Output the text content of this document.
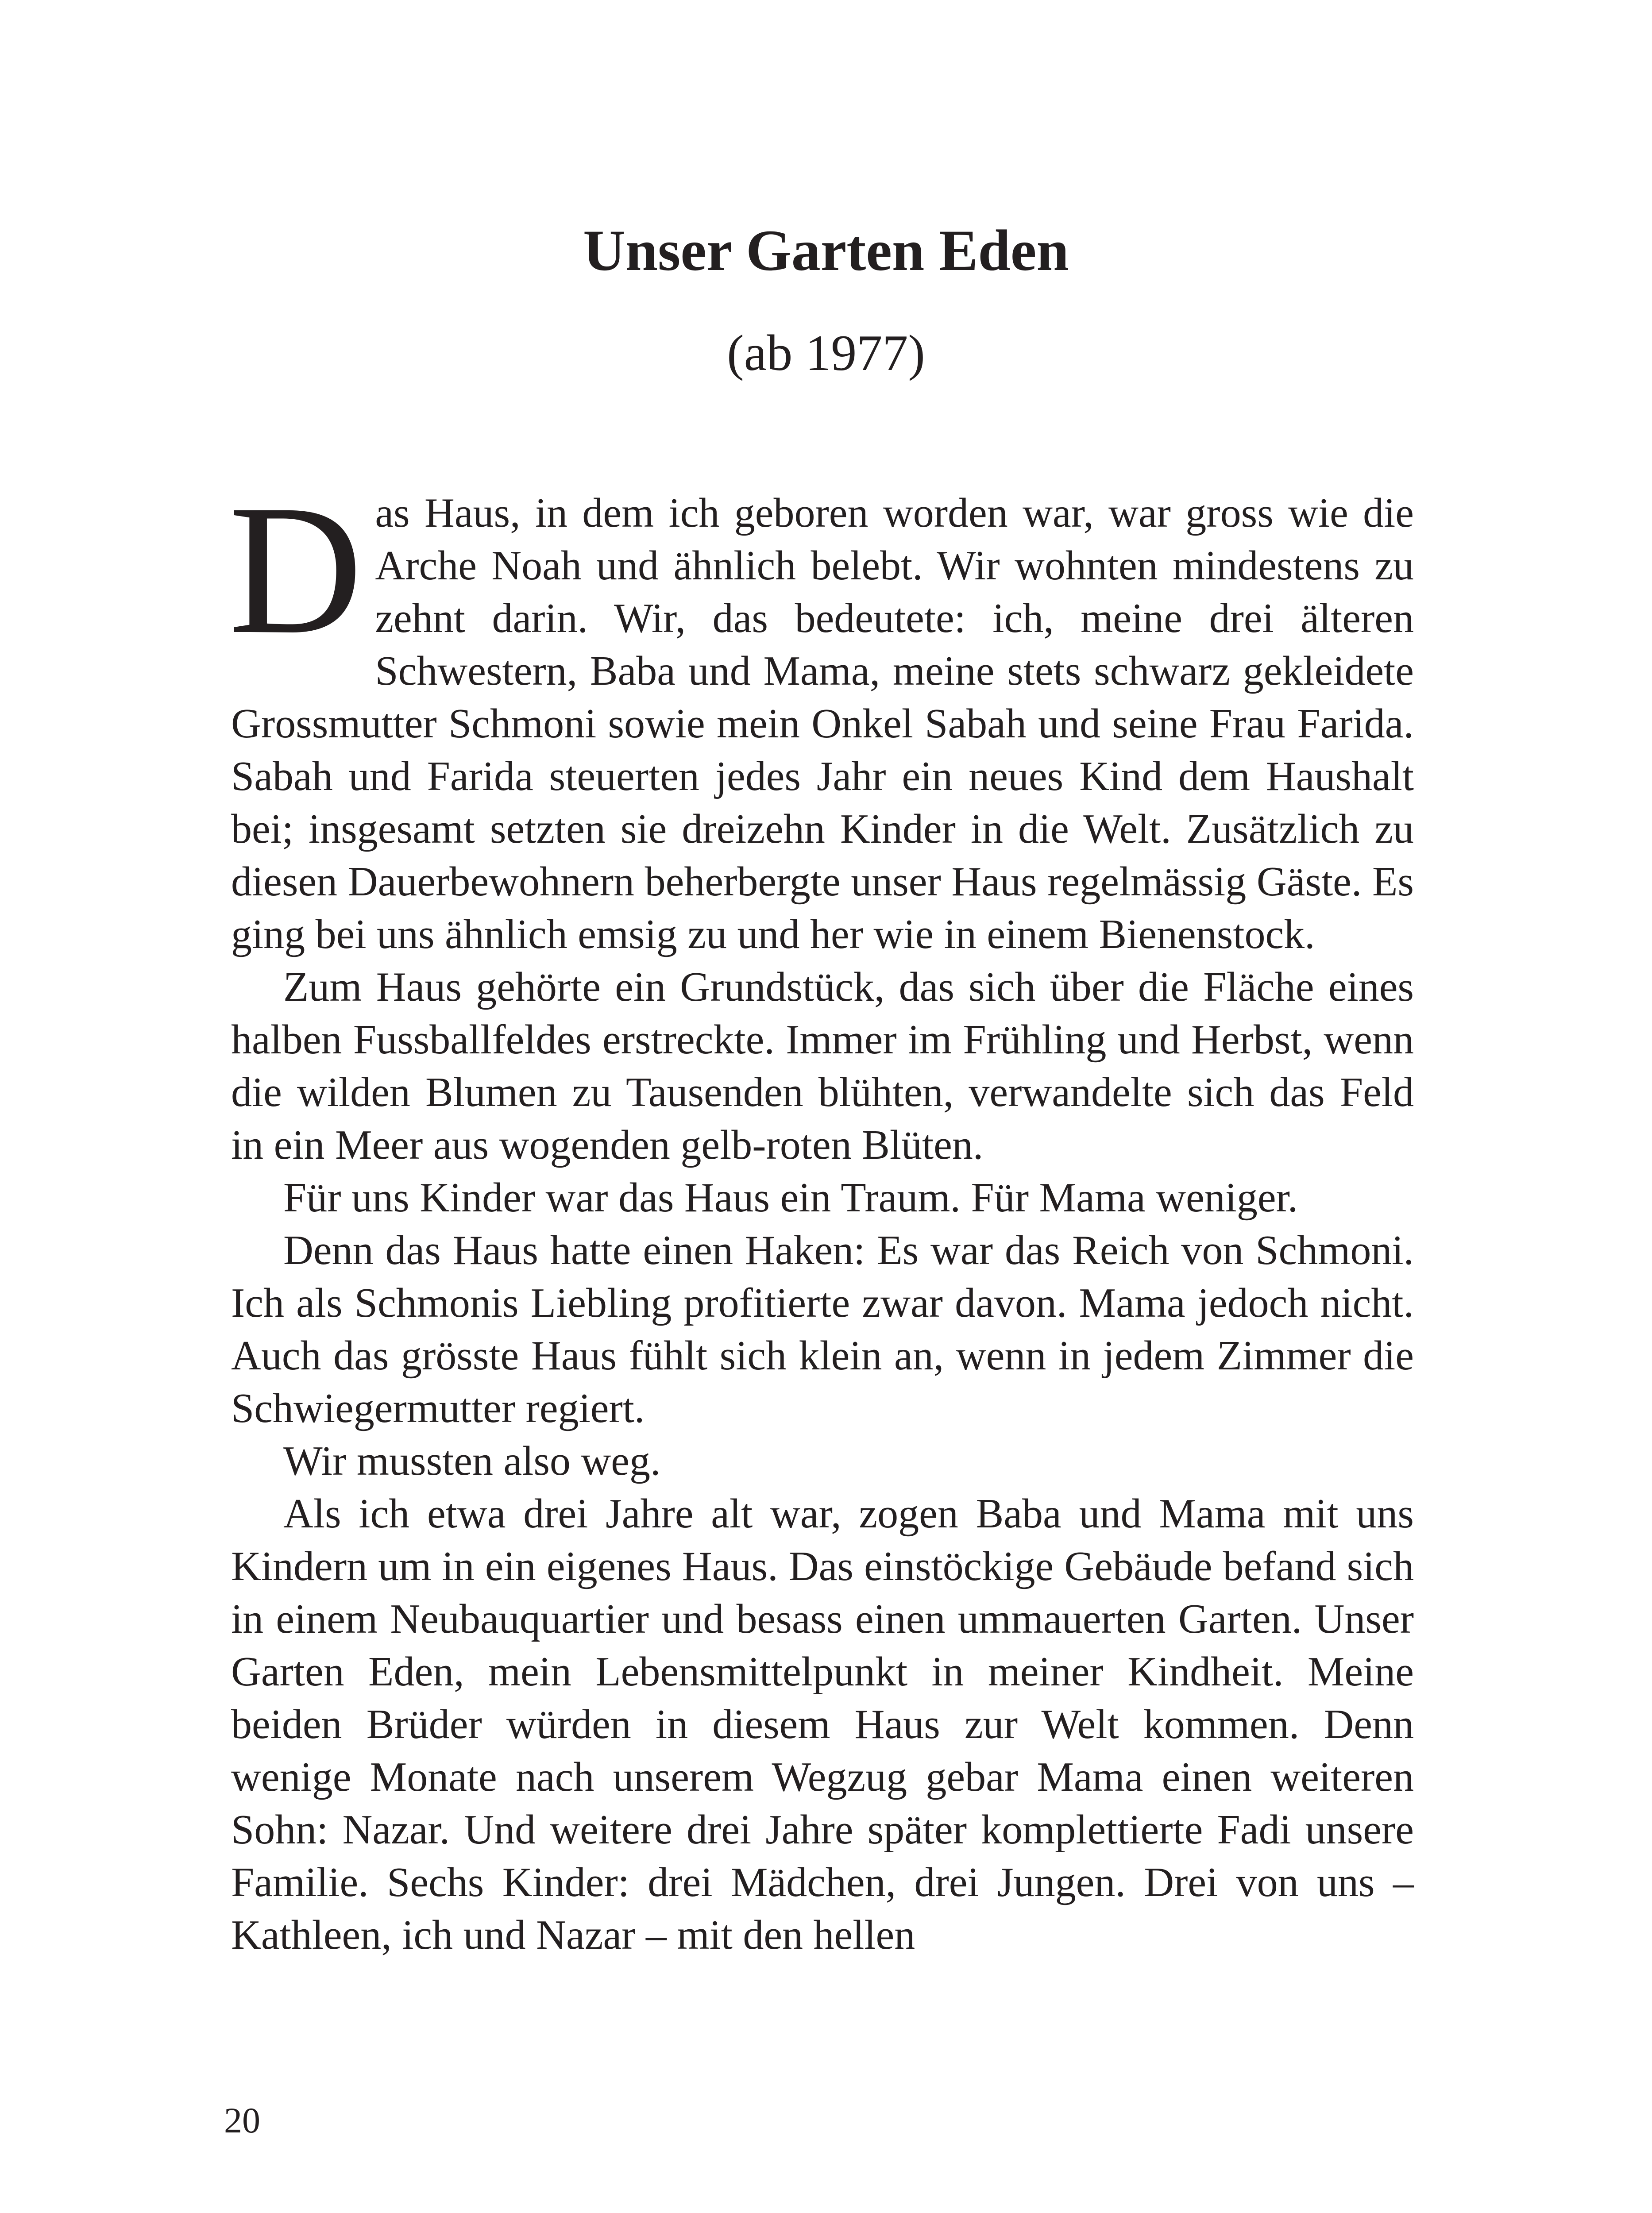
Unser Garten Eden
(ab 1977)

Das Haus, in dem ich geboren worden war, war gross wie die Arche Noah und ähnlich belebt. Wir wohnten mindestens zu zehnt darin. Wir, das bedeutete: ich, meine drei älteren Schwestern, Baba und Mama, meine stets schwarz gekleidete Grossmutter Schmoni sowie mein Onkel Sabah und seine Frau Farida. Sabah und Farida steuerten jedes Jahr ein neues Kind dem Haushalt bei; insgesamt setzten sie dreizehn Kinder in die Welt. Zusätzlich zu diesen Dauerbewohnern beherbergte unser Haus regelmässig Gäste. Es ging bei uns ähnlich emsig zu und her wie in einem Bienenstock.

Zum Haus gehörte ein Grundstück, das sich über die Fläche eines halben Fussballfeldes erstreckte. Immer im Frühling und Herbst, wenn die wilden Blumen zu Tausenden blühten, verwandelte sich das Feld in ein Meer aus wogenden gelb-roten Blüten.

Für uns Kinder war das Haus ein Traum. Für Mama weniger.

Denn das Haus hatte einen Haken: Es war das Reich von Schmoni. Ich als Schmonis Liebling profitierte zwar davon. Mama jedoch nicht. Auch das grösste Haus fühlt sich klein an, wenn in jedem Zimmer die Schwiegermutter regiert.

Wir mussten also weg.

Als ich etwa drei Jahre alt war, zogen Baba und Mama mit uns Kindern um in ein eigenes Haus. Das einstöckige Gebäude befand sich in einem Neubauquartier und besass einen ummauerten Garten. Unser Garten Eden, mein Lebensmittelpunkt in meiner Kindheit. Meine beiden Brüder würden in diesem Haus zur Welt kommen. Denn wenige Monate nach unserem Wegzug gebar Mama einen weiteren Sohn: Nazar. Und weitere drei Jahre später komplettierte Fadi unsere Familie. Sechs Kinder: drei Mädchen, drei Jungen. Drei von uns – Kathleen, ich und Nazar – mit den hellen

20
